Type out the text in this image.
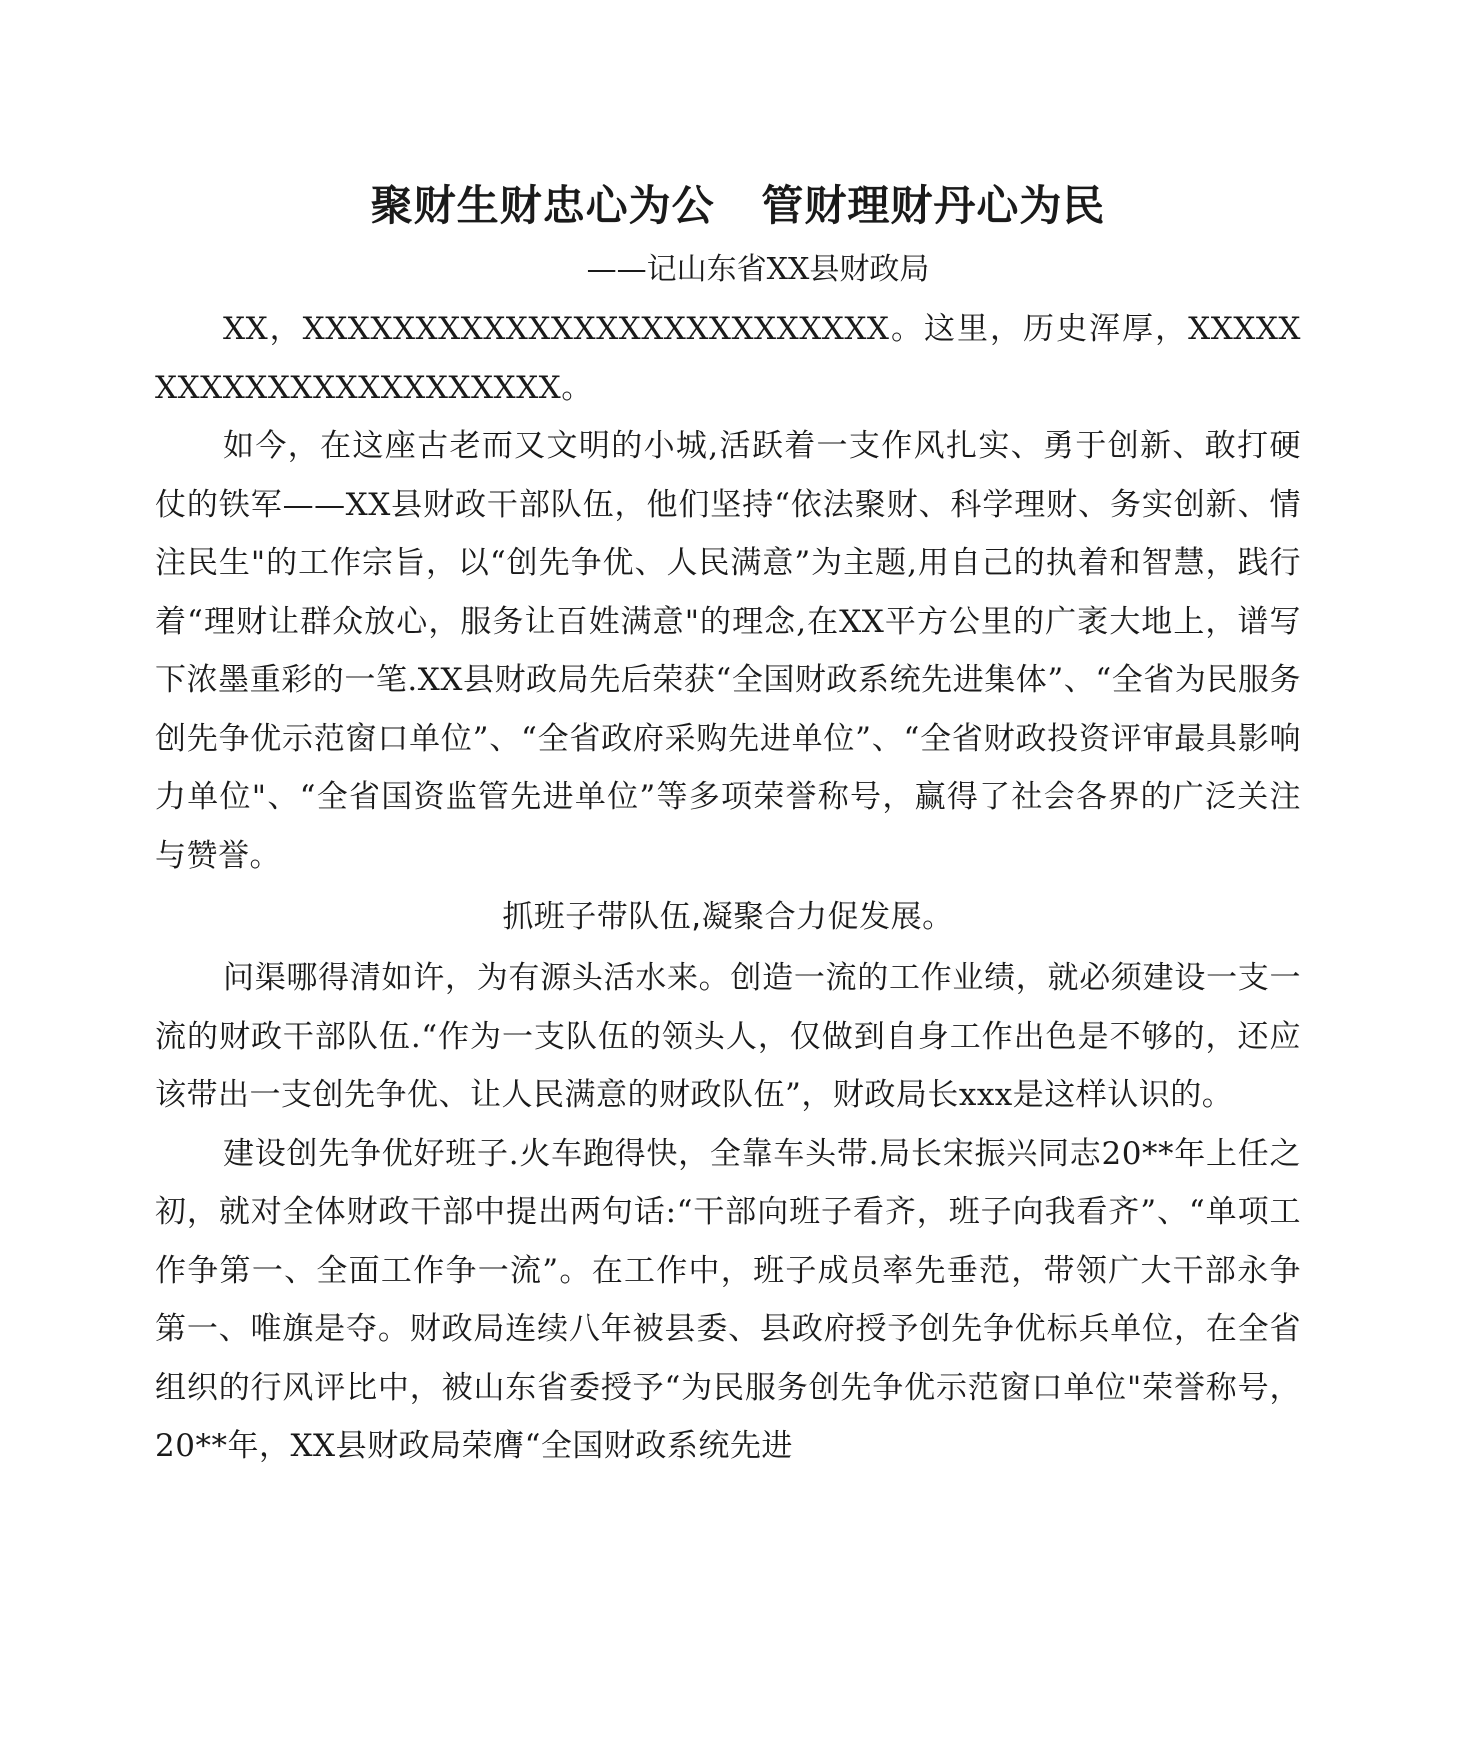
聚财生财忠心为公   管财理财丹心为民
——记山东省XX县财政局

XX，XXXXXXXXXXXXXXXXXXXXXXXXXX。这里，历史浑厚，XXXXXXXXXXXXXXXXXXXXXXX。

如今，在这座古老而又文明的小城,活跃着一支作风扎实、勇于创新、敢打硬仗的铁军——XX县财政干部队伍，他们坚持“依法聚财、科学理财、务实创新、情注民生"的工作宗旨，以“创先争优、人民满意”为主题,用自己的执着和智慧，践行着“理财让群众放心，服务让百姓满意"的理念,在XX平方公里的广袤大地上，谱写下浓墨重彩的一笔.XX县财政局先后荣获“全国财政系统先进集体”、“全省为民服务创先争优示范窗口单位”、“全省政府采购先进单位”、“全省财政投资评审最具影响力单位"、“全省国资监管先进单位”等多项荣誉称号，赢得了社会各界的广泛关注与赞誉。

抓班子带队伍,凝聚合力促发展。

问渠哪得清如许，为有源头活水来。创造一流的工作业绩，就必须建设一支一流的财政干部队伍.“作为一支队伍的领头人，仅做到自身工作出色是不够的，还应该带出一支创先争优、让人民满意的财政队伍”，财政局长xxx是这样认识的。

建设创先争优好班子.火车跑得快，全靠车头带.局长宋振兴同志20**年上任之初，就对全体财政干部中提出两句话:“干部向班子看齐，班子向我看齐”、“单项工作争第一、全面工作争一流”。在工作中，班子成员率先垂范，带领广大干部永争第一、唯旗是夺。财政局连续八年被县委、县政府授予创先争优标兵单位，在全省组织的行风评比中，被山东省委授予“为民服务创先争优示范窗口单位"荣誉称号，20**年，XX县财政局荣膺“全国财政系统先进
